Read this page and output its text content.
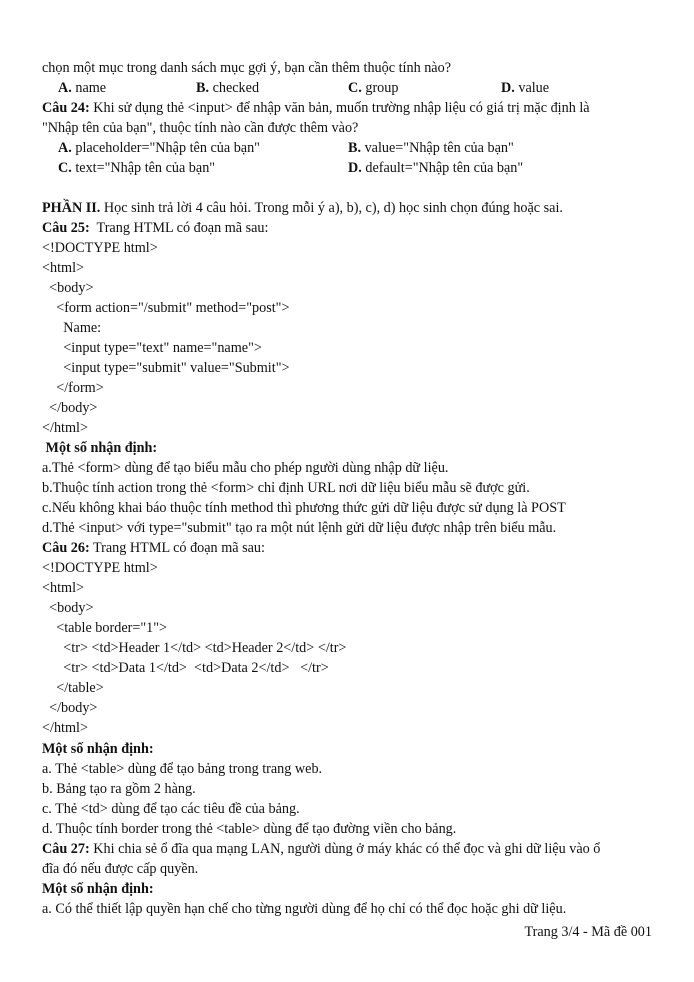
chọn một mục trong danh sách mục gợi ý, bạn cần thêm thuộc tính nào?
A. name	B. checked	C. group	D. value
Câu 24: Khi sử dụng thẻ <input> để nhập văn bản, muốn trường nhập liệu có giá trị mặc định là
"Nhập tên của bạn", thuộc tính nào cần được thêm vào?
A. placeholder="Nhập tên của bạn"	B. value="Nhập tên của bạn"
C. text="Nhập tên của bạn"	D. default="Nhập tên của bạn"
PHẦN II. Học sinh trả lời 4 câu hỏi. Trong mỗi ý a), b), c), d) học sinh chọn đúng hoặc sai.
Câu 25:  Trang HTML có đoạn mã sau:
<!DOCTYPE html>
<html>
<body>
<form action="/submit" method="post">
Name:
<input type="text" name="name">
<input type="submit" value="Submit">
</form>
</body>
</html>
Một số nhận định:
a.Thẻ <form> dùng để tạo biểu mẫu cho phép người dùng nhập dữ liệu.
b.Thuộc tính action trong thẻ <form> chỉ định URL nơi dữ liệu biểu mẫu sẽ được gửi.
c.Nếu không khai báo thuộc tính method thì phương thức gửi dữ liệu được sử dụng là POST
d.Thẻ <input> với type="submit" tạo ra một nút lệnh gửi dữ liệu được nhập trên biểu mẫu.
Câu 26: Trang HTML có đoạn mã sau:
<!DOCTYPE html>
<html>
<body>
<table border="1">
<tr> <td>Header 1</td> <td>Header 2</td> </tr>
<tr> <td>Data 1</td>  <td>Data 2</td>   </tr>
</table>
</body>
</html>
Một số nhận định:
a. Thẻ <table> dùng để tạo bảng trong trang web.
b. Bảng tạo ra gồm 2 hàng.
c. Thẻ <td> dùng để tạo các tiêu đề của bảng.
d. Thuộc tính border trong thẻ <table> dùng để tạo đường viền cho bảng.
Câu 27: Khi chia sẻ ổ đĩa qua mạng LAN, người dùng ở máy khác có thể đọc và ghi dữ liệu vào ổ
đĩa đó nếu được cấp quyền.
Một số nhận định:
a. Có thể thiết lập quyền hạn chế cho từng người dùng để họ chỉ có thể đọc hoặc ghi dữ liệu.
Trang 3/4 - Mã đề 001
